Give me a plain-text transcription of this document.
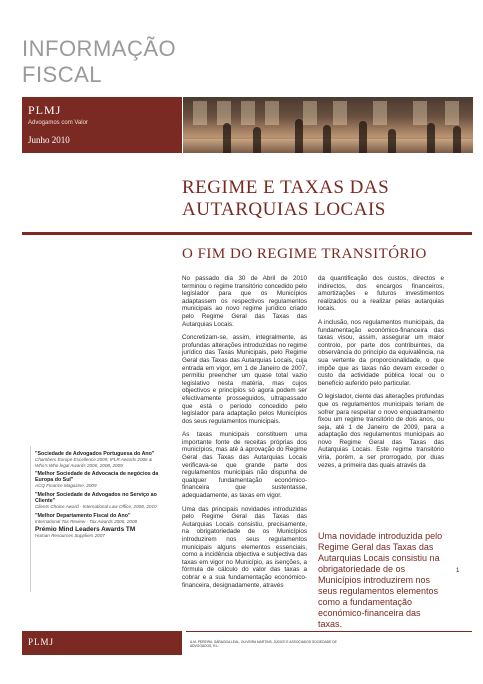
INFORMAÇÃO
FISCAL
PLMJ
Advogamos com Valor
Junho 2010
REGIME E TAXAS DAS
AUTARQUIAS LOCAIS
O FIM DO REGIME TRANSITÓRIO

No passado dia 30 de Abril de 2010 terminou o regime transitório concedido pelo legislador para que os Municípios adaptassem os respectivos regulamentos municipais ao novo regime jurídico criado pelo Regime Geral das Taxas das Autarquias Locais.

Concretizam-se, assim, integralmente, as profundas alterações introduzidas no regime jurídico das Taxas Municipais, pelo Regime Geral das Taxas das Autarquias Locais, cuja entrada em vigor, em 1 de Janeiro de 2007, permitiu preencher um quase total vazio legislativo nesta matéria, mas cujos objectivos e princípios só agora podem ser efectivamente prosseguidos, ultrapassado que está o período concedido pelo legislador para adaptação pelos Municípios dos seus regulamentos municipais.

As taxas municipais constituem uma importante fonte de receitas próprias dos municípios, mas até à aprovação do Regime Geral das Taxas das Autarquias Locais verificava-se que grande parte dos regulamentos municipais não dispunha de qualquer fundamentação económico-financeira que sustentasse, adequadamente, as taxas em vigor.

Uma das principais novidades introduzidas pelo Regime Geral das Taxas das Autarquias Locais consistiu, precisamente, na obrigatoriedade de os Municípios introduzirem nos seus regulamentos municipais alguns elementos essenciais, como a incidência objectiva e subjectiva das taxas em vigor no Município, as isenções, a fórmula de cálculo do valor das taxas a cobrar e a sua fundamentação económico-financeira, designadamente, através

da quantificação dos custos, directos e indirectos, dos encargos financeiros, amortizações e futuros investimentos realizados ou a realizar pelas autarquias locais.

A inclusão, nos regulamentos municipais, da fundamentação económico-financeira das taxas visou, assim, assegurar um maior controlo, por parte dos contribuintes, da observância do princípio da equivalência, na sua vertente da proporcionalidade, o que impõe que as taxas não devam exceder o custo da actividade pública local ou o benefício auferido pelo particular.

O legislador, ciente das alterações profundas que os regulamentos municipais teriam de sofrer para respeitar o novo enquadramento fixou um regime transitório de dois anos, ou seja, até 1 de Janeiro de 2009, para a adaptação dos regulamentos municipais ao novo Regime Geral das Taxas das Autarquias Locais. Este regime transitório viria, porém, a ser prorrogado, por duas vezes, a primeira das quais através da

Uma novidade introduzida pelo Regime Geral das Taxas das Autarquias Locais consistiu na obrigatoriedade de os Municípios introduzirem nos seus regulamentos elementos como a fundamentação económico-financeira das taxas.
1
"Sociedade de Advogados Portuguesa do Ano"
Chambers Europe Excellence 2009, IFLR Awards 2006 & Who's Who legal Awards 2006, 2008, 2009
"Melhor Sociedade de Advocacia de negócios da Europa do Sul"
ACQ Finance Magazine, 2009
"Melhor Sociedade de Advogados no Serviço ao Cliente"
Clients Choice Award - International Law Office, 2008, 2010
"Melhor Departamento Fiscal do Ano"
International Tax Review - Tax Awards 2006, 2008
Prémio Mind Leaders Awards TM
Human Resources Suppliers 2007
PLMJ	A.M. PEREIRA, SÁRAGGA LEAL, OLIVEIRA MARTINS, JÚDICE E ASSOCIADOS SOCIEDADE DE ADVOGADOS, R.L.
